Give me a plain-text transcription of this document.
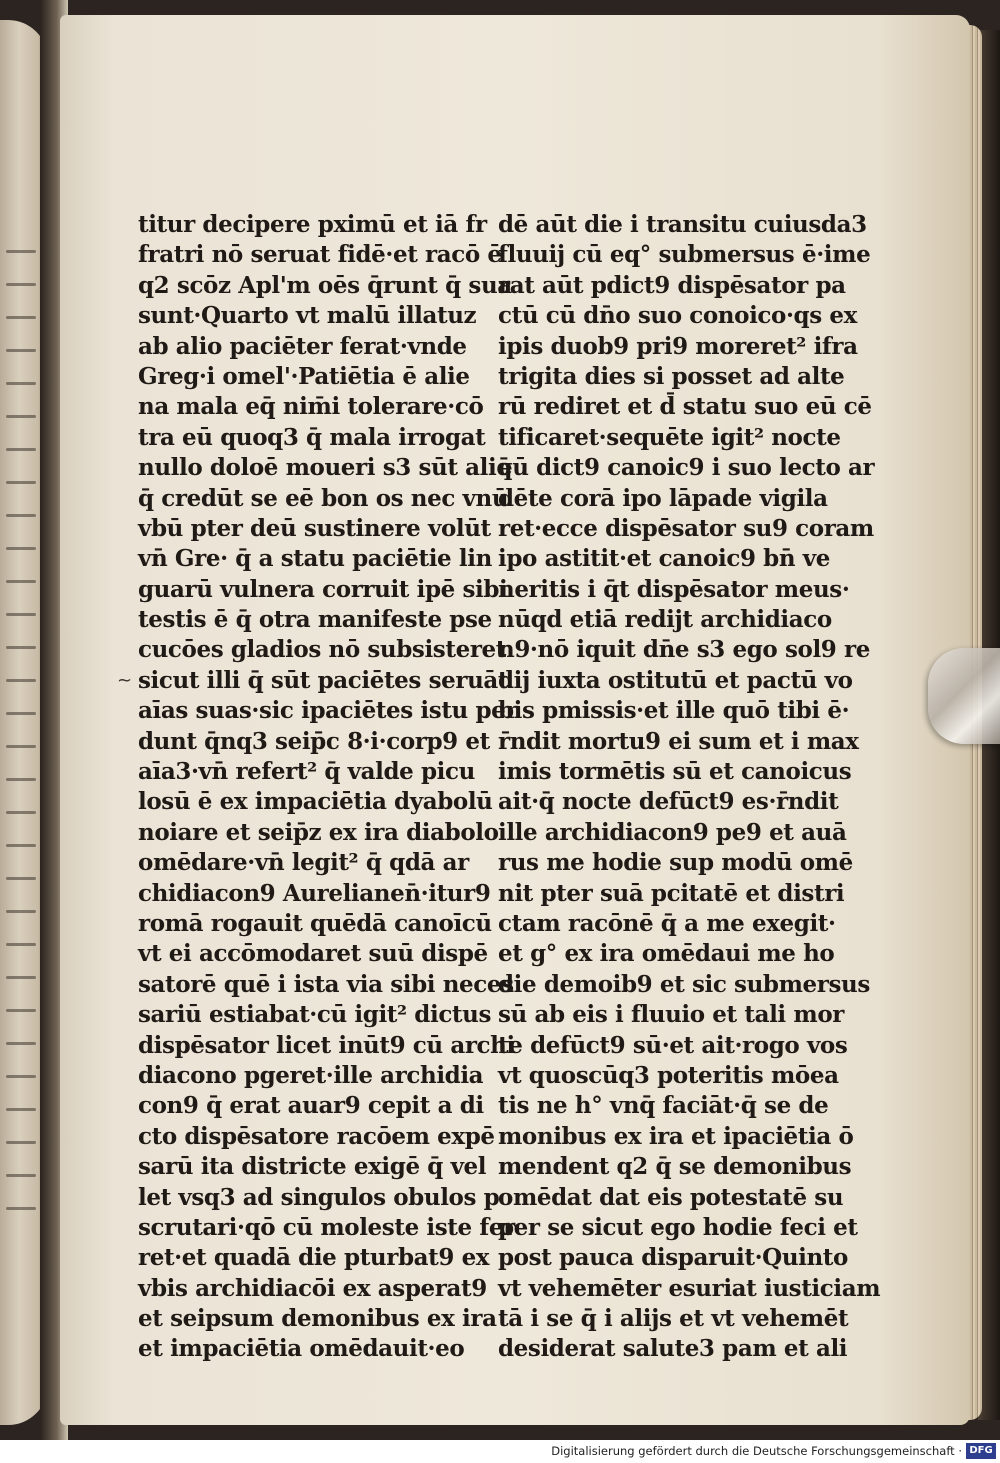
~
titur decipere pximū et iā fr
fratri nō seruat fidē·et racō ē
q2 scōz Apl'm oēs q̄runt q̄ sua
sunt·Quarto vt malū illatuz
ab alio paciēter ferat·vnde
Greg·i omel'·Patiētia ē alie
na mala eq̄ nim̄i tolerare·cō
tra eū quoq3 q̄ mala irrogat
nullo doloē moueri s3 sūt aliq̄
q̄ credūt se eē bon os nec vnū
vbū pter deū sustinere volūt
vn̄ Gre· q̄ a statu paciētie lin
guarū vulnera corruit ipē sibi
testis ē q̄ otra manifeste pse
cucōes gladios nō subsisteret
sicut illi q̄ sūt paciētes seruāt
aīas suas·sic ipaciētes istu per
dunt q̄nq3 seip̄c 8·i·corp9 et
aīa3·vn̄ refert² q̄ valde picu
losū ē ex impaciētia dyabolū
noiare et seip̄z ex ira diabolo
omēdare·vn̄ legit² q̄ qdā ar
chidiacon9 Aurelianen̄·itur9
romā rogauit quēdā canoīcū
vt ei accōmodaret suū dispē
satorē quē i ista via sibi neces
sariū estiabat·cū igit² dictus
dispēsator licet inūt9 cū archi
diacono pgeret·ille archidia
con9 q̄ erat auar9 cepit a di
cto dispēsatore racōem expē
sarū ita districte exigē q̄ vel
let vsq3 ad singulos obulos p
scrutari·qō cū moleste iste fer
ret·et quadā die pturbat9 ex
vbis archidiacōi ex asperat9
et seipsum demonibus ex ira
et impaciētia omēdauit·eo
dē aūt die i transitu cuiusda3
fluuij cū eq° submersus ē·ime
rat aūt pdict9 dispēsator pa
ctū cū dn̄o suo conoico·qs ex
ipis duob9 pri9 moreret² ifra
trigita dies si posset ad alte
rū rediret et d̄ statu suo eū cē
tificaret·sequēte igit² nocte
eū dict9 canoic9 i suo lecto ar
dēte corā ipo lāpade vigila
ret·ecce dispēsator su9 coram
ipo astitit·et canoic9 bn̄ ve
neritis i q̄t dispēsator meus·
nūqd etiā redijt archidiaco
n9·nō iquit dn̄e s3 ego sol9 re
dij iuxta ostitutū et pactū vo
bis pmissis·et ille quō tibi ē·
r̄ndit mortu9 ei sum et i max
imis tormētis sū et canoicus
ait·q̄ nocte defūct9 es·r̄ndit
ille archidiacon9 pe9 et auā
rus me hodie sup modū omē
nit pter suā pcitatē et distri
ctam racōnē q̄ a me exegit·
et g° ex ira omēdaui me ho
die demoib9 et sic submersus
sū ab eis i fluuio et tali mor
te defūct9 sū·et ait·rogo vos
vt quoscūq3 poteritis mōea
tis ne h° vnq̄ faciāt·q̄ se de
monibus ex ira et ipaciētia ō
mendent q2 q̄ se demonibus
omēdat dat eis potestatē su
per se sicut ego hodie feci et
post pauca disparuit·Quinto
vt vehemēter esuriat iusticiam
tā i se q̄ i alijs et vt vehemēt
desiderat salute3 pam et ali
Digitalisierung gefördert durch die Deutsche Forschungsgemeinschaft · DFG
